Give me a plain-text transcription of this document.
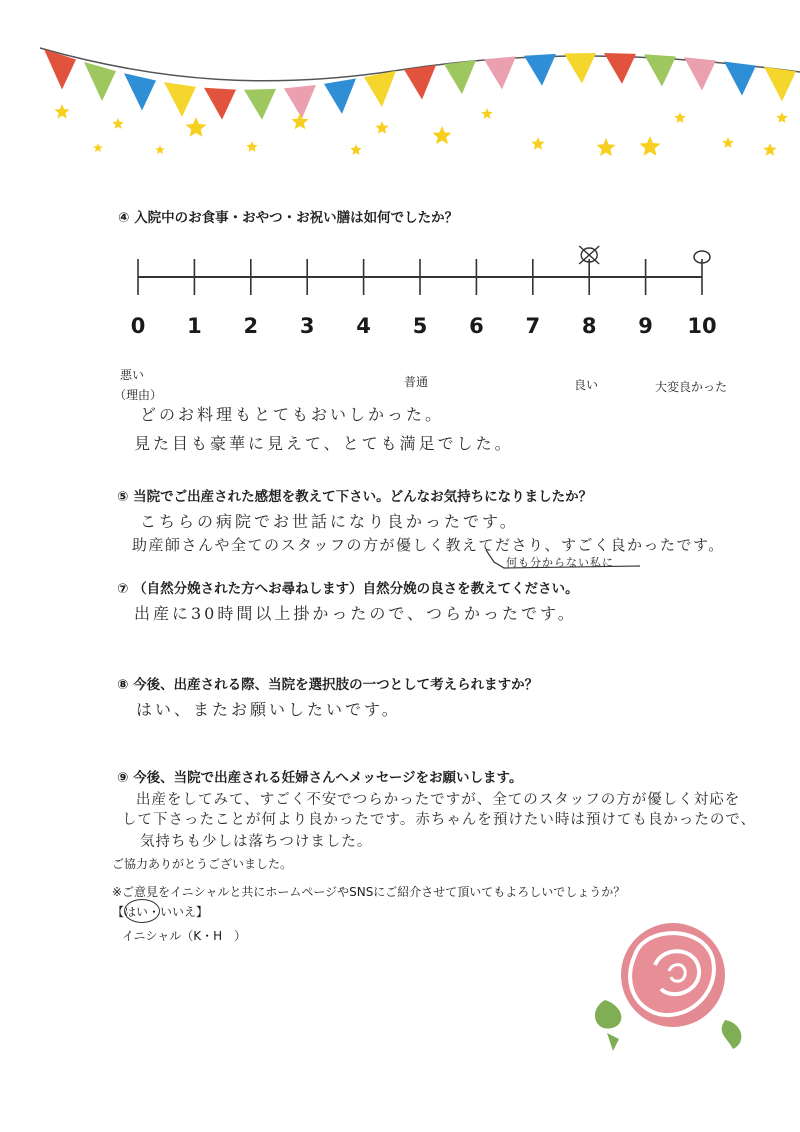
④ 入院中のお食事・おやつ・お祝い膳は如何でしたか？
0 1 2 3 4 5 6 7 8 9 10
悪い	普通	良い	大変良かった
（理由）
どのお料理もとてもおいしかった。
見た目も豪華に見えて、とても満足でした。
⑤ 当院でご出産された感想を教えて下さい。どんなお気持ちになりましたか？
こちらの病院でお世話になり良かったです。
助産師さんや全てのスタッフの方が優しく教えてださり、すごく良かったです。
何も分からない私に
⑦ （自然分娩された方へお尋ねします）自然分娩の良さを教えてください。
出産に30時間以上掛かったので、つらかったです。
⑧ 今後、出産される際、当院を選択肢の一つとして考えられますか？
はい、またお願いしたいです。
⑨ 今後、当院で出産される妊婦さんへメッセージをお願いします。
出産をしてみて、すごく不安でつらかったですが、全てのスタッフの方が優しく対応を
して下さったことが何より良かったです。赤ちゃんを預けたい時は預けても良かったので、
気持ちも少しは落ちつけました。
ご協力ありがとうございました。
※ご意見をイニシャルと共にホームページやSNSにご紹介させて頂いてもよろしいでしょうか？
【はい・いいえ】
イニシャル（K・H　）
